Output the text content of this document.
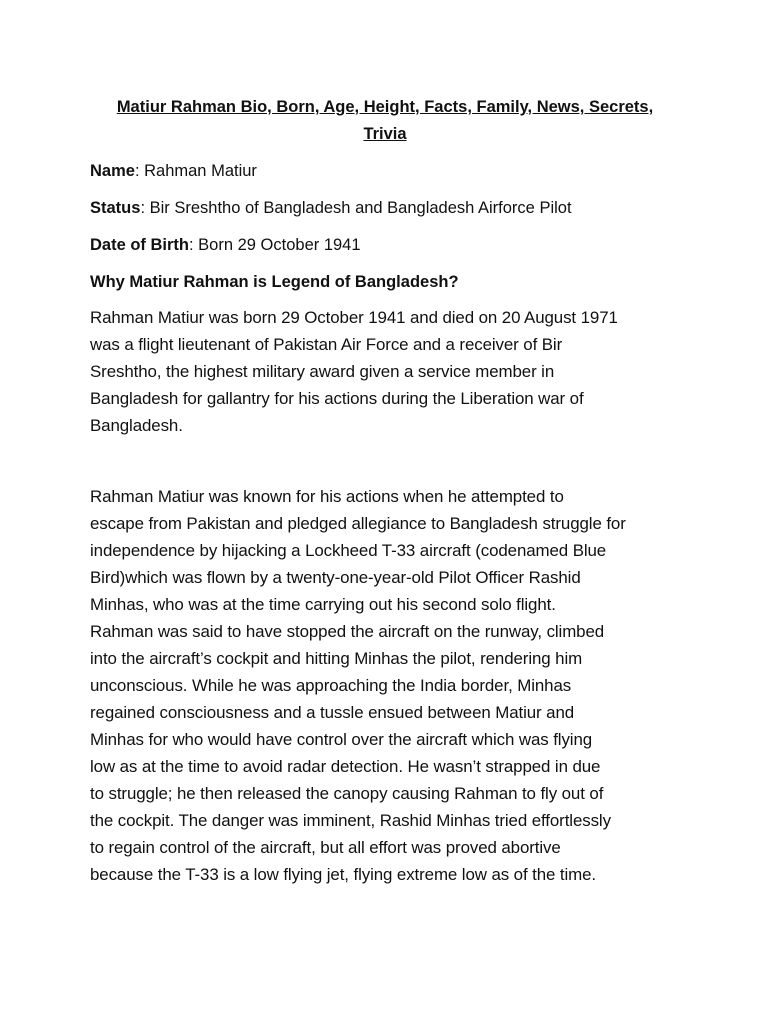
Matiur Rahman Bio, Born, Age, Height, Facts, Family, News, Secrets,
Trivia

Name: Rahman Matiur

Status: Bir Sreshtho of Bangladesh and Bangladesh Airforce Pilot

Date of Birth: Born 29 October 1941

Why Matiur Rahman is Legend of Bangladesh?

Rahman Matiur was born 29 October 1941 and died on 20 August 1971
was a flight lieutenant of Pakistan Air Force and a receiver of Bir
Sreshtho, the highest military award given a service member in
Bangladesh for gallantry for his actions during the Liberation war of
Bangladesh.

Rahman Matiur was known for his actions when he attempted to
escape from Pakistan and pledged allegiance to Bangladesh struggle for
independence by hijacking a Lockheed T-33 aircraft (codenamed Blue
Bird)which was flown by a twenty-one-year-old Pilot Officer Rashid
Minhas, who was at the time carrying out his second solo flight.
Rahman was said to have stopped the aircraft on the runway, climbed
into the aircraft’s cockpit and hitting Minhas the pilot, rendering him
unconscious. While he was approaching the India border, Minhas
regained consciousness and a tussle ensued between Matiur and
Minhas for who would have control over the aircraft which was flying
low as at the time to avoid radar detection. He wasn’t strapped in due
to struggle; he then released the canopy causing Rahman to fly out of
the cockpit. The danger was imminent, Rashid Minhas tried effortlessly
to regain control of the aircraft, but all effort was proved abortive
because the T-33 is a low flying jet, flying extreme low as of the time.
